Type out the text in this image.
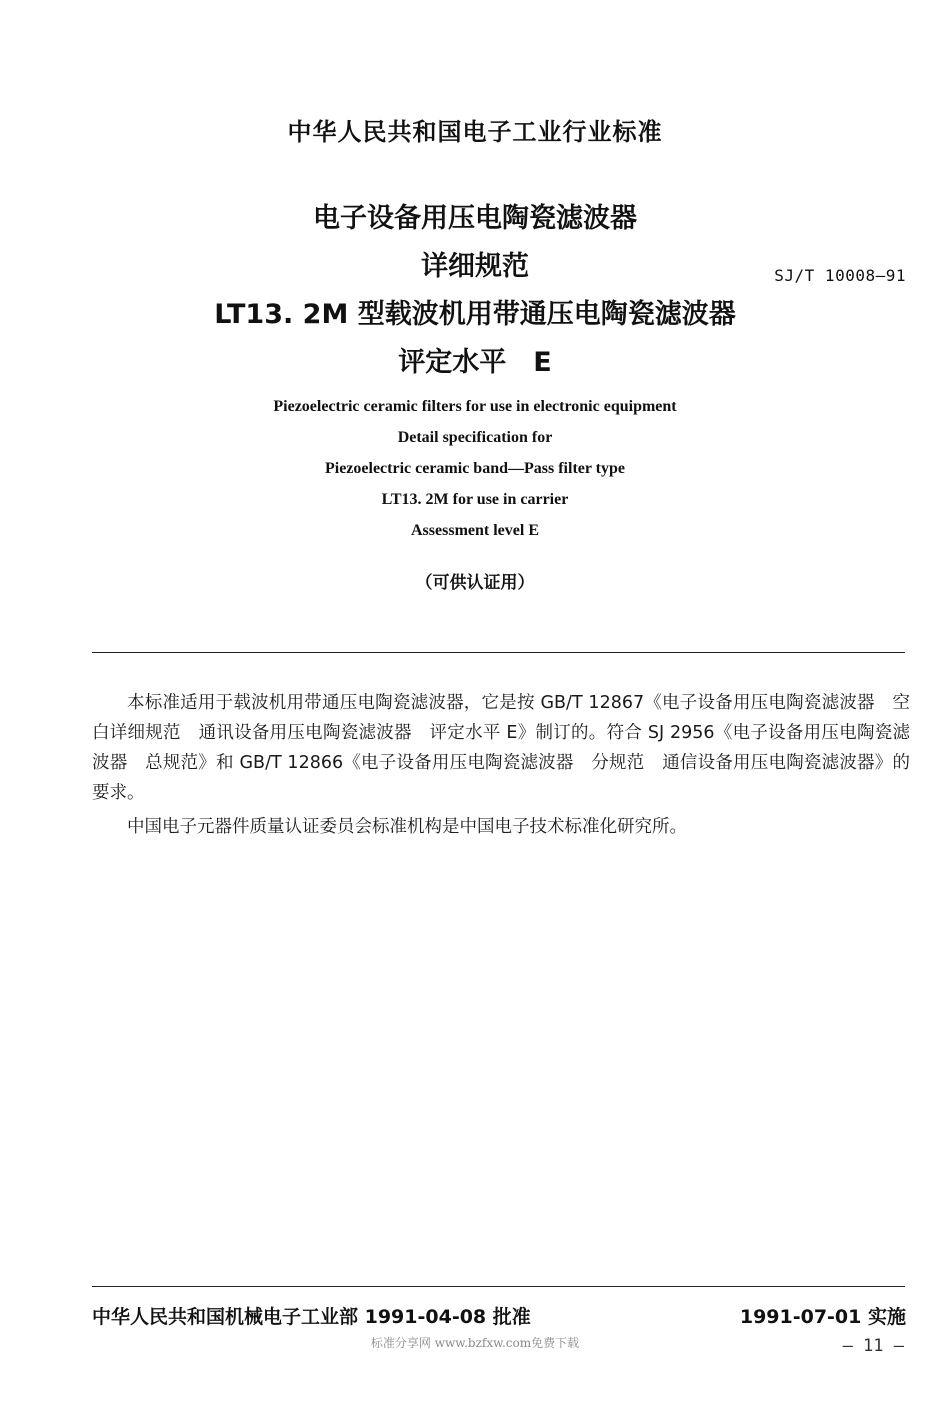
中华人民共和国电子工业行业标准
电子设备用压电陶瓷滤波器
详细规范
LT13. 2M 型载波机用带通压电陶瓷滤波器
评定水平　E
SJ/T 10008—91
Piezoelectric ceramic filters for use in electronic equipment
Detail specification for
Piezoelectric ceramic band—Pass filter type
LT13. 2M for use in carrier
Assessment level E
（可供认证用）
本标准适用于载波机用带通压电陶瓷滤波器，它是按 GB/T 12867《电子设备用压电陶瓷滤波器　空白详细规范　通讯设备用压电陶瓷滤波器　评定水平 E》制订的。符合 SJ 2956《电子设备用压电陶瓷滤波器　总规范》和 GB/T 12866《电子设备用压电陶瓷滤波器　分规范　通信设备用压电陶瓷滤波器》的要求。
中国电子元器件质量认证委员会标准机构是中国电子技术标准化研究所。
中华人民共和国机械电子工业部 1991-04-08 批准	1991-07-01 实施
标准分享网 www.bzfxw.com免费下载	— 11 —
